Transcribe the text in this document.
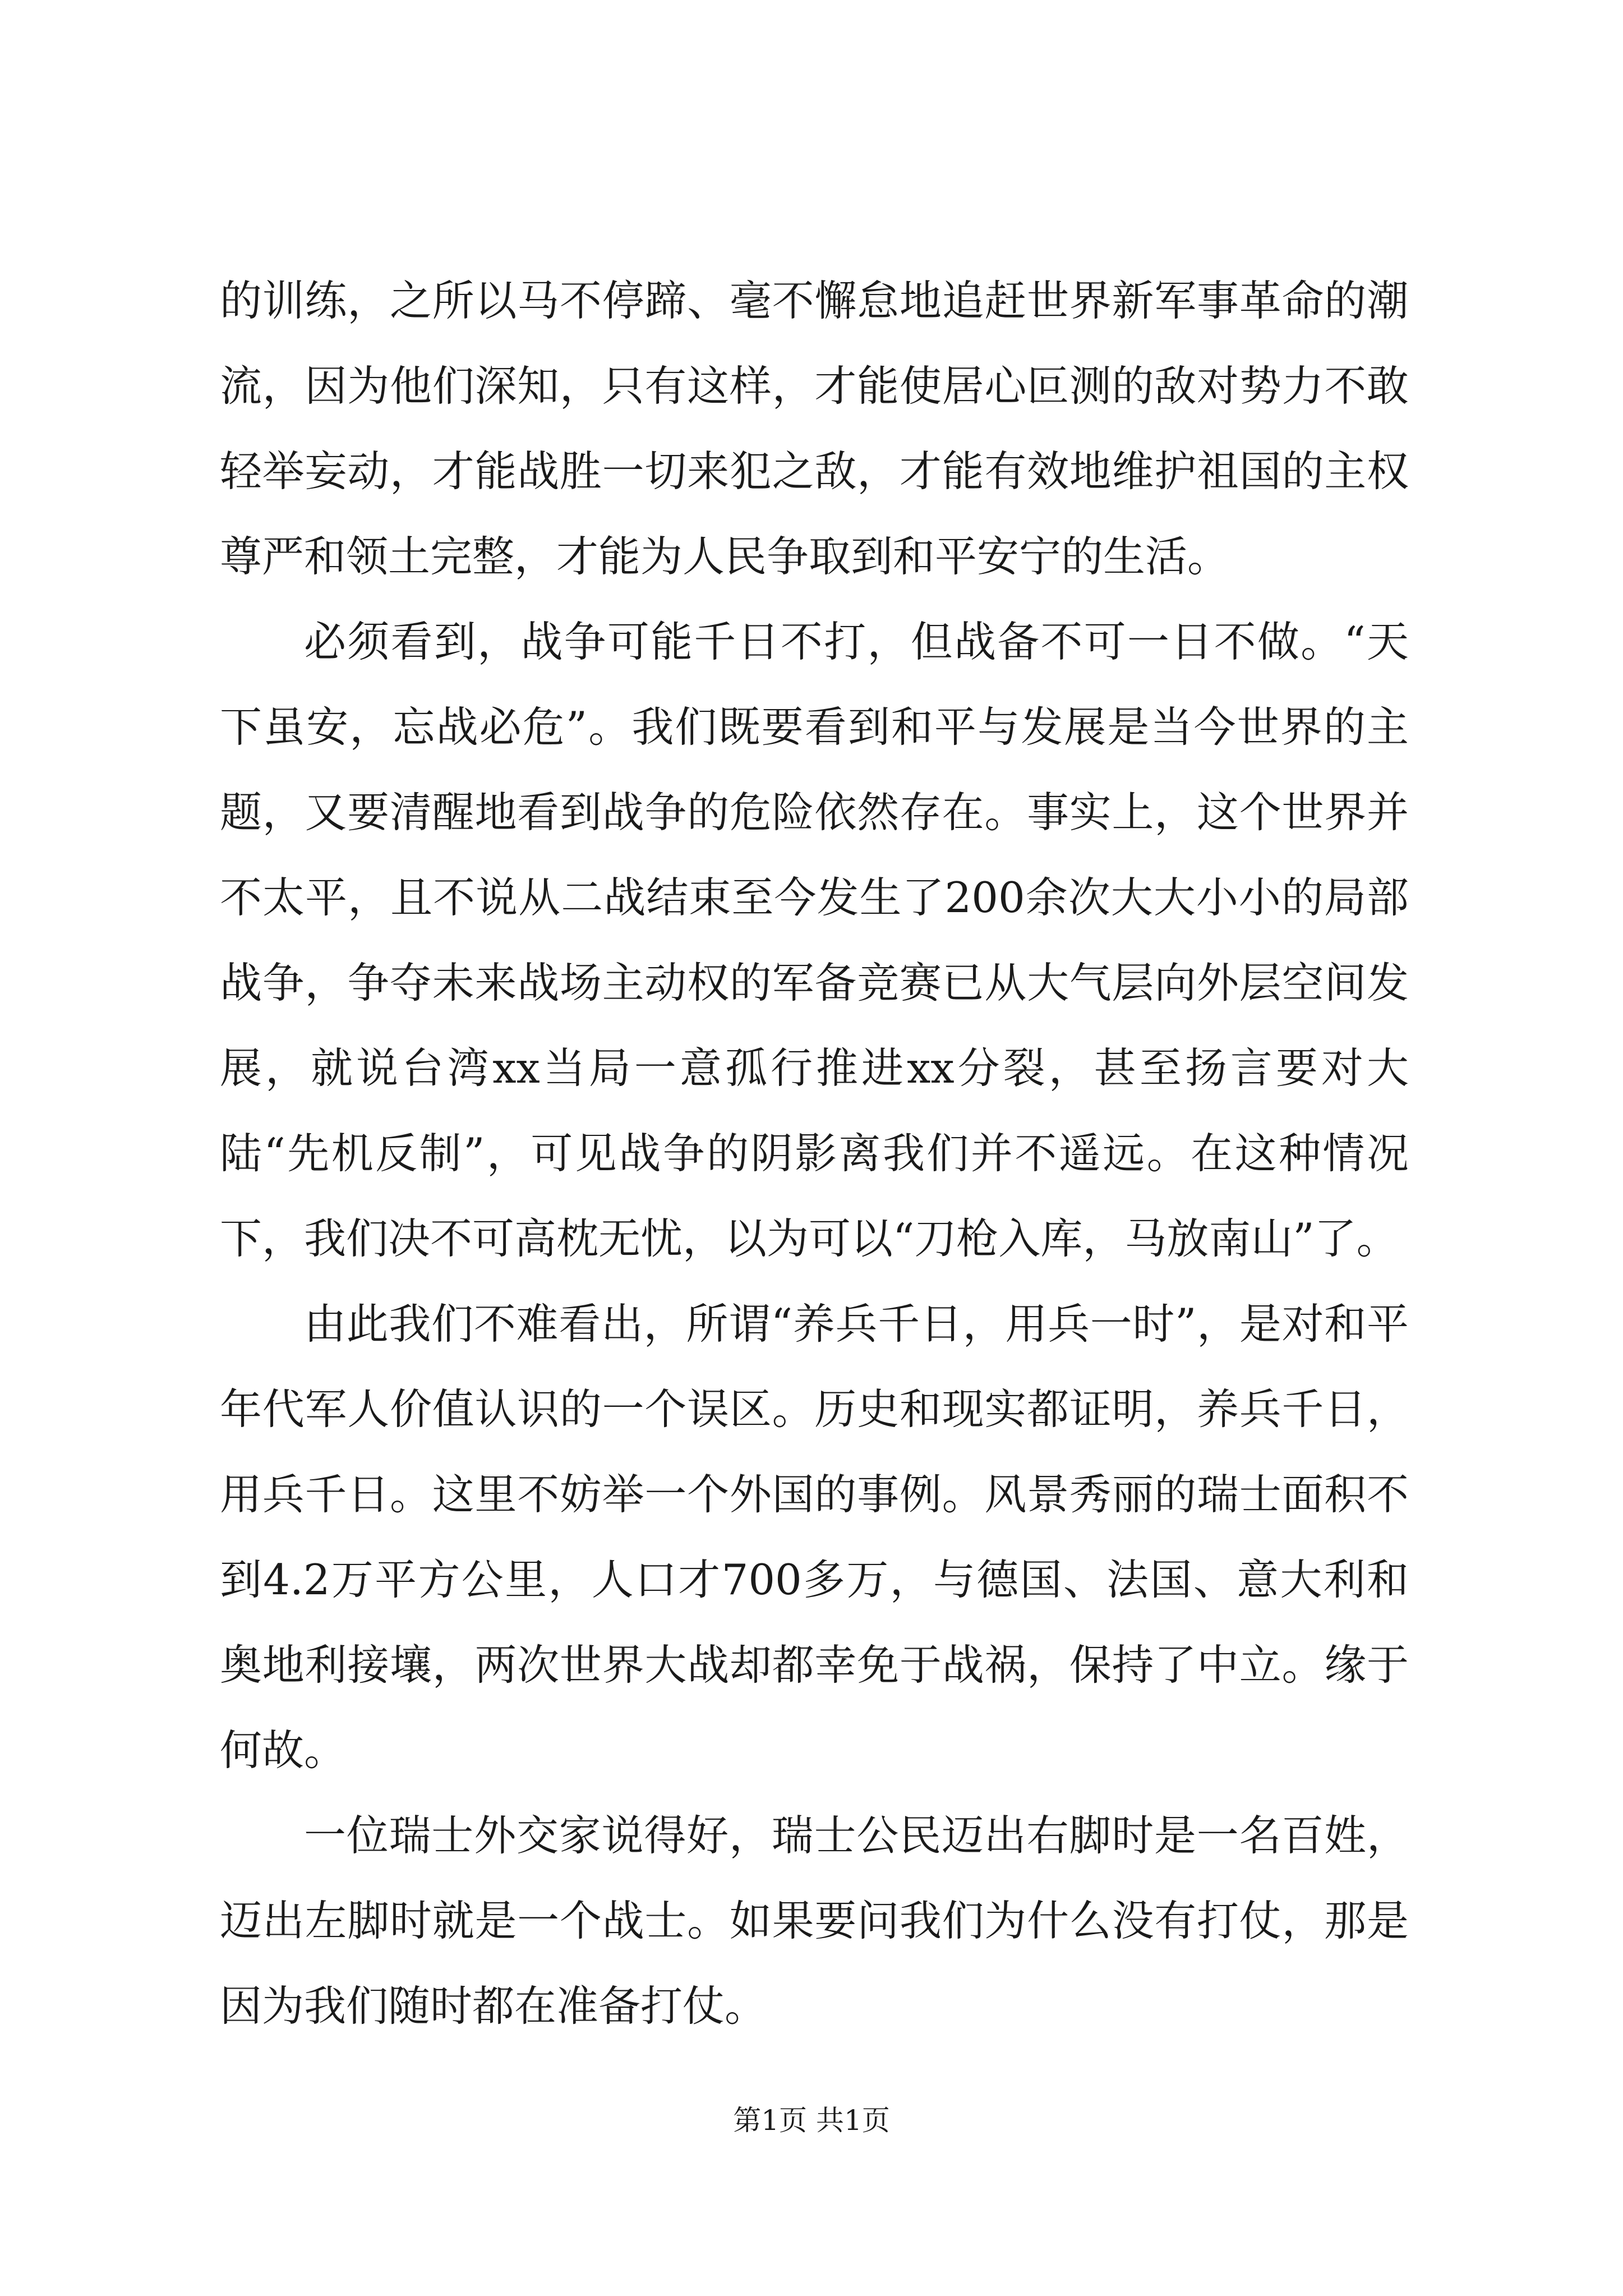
的训练，之所以马不停蹄、毫不懈怠地追赶世界新军事革命的潮流，因为他们深知，只有这样，才能使居心叵测的敌对势力不敢轻举妄动，才能战胜一切来犯之敌，才能有效地维护祖国的主权尊严和领土完整，才能为人民争取到和平安宁的生活。

必须看到，战争可能千日不打，但战备不可一日不做。“天下虽安，忘战必危”。我们既要看到和平与发展是当今世界的主题，又要清醒地看到战争的危险依然存在。事实上，这个世界并不太平，且不说从二战结束至今发生了200余次大大小小的局部战争，争夺未来战场主动权的军备竞赛已从大气层向外层空间发展，就说台湾xx当局一意孤行推进xx分裂，甚至扬言要对大陆“先机反制”，可见战争的阴影离我们并不遥远。在这种情况下，我们决不可高枕无忧，以为可以“刀枪入库，马放南山”了。

由此我们不难看出，所谓“养兵千日，用兵一时”，是对和平年代军人价值认识的一个误区。历史和现实都证明，养兵千日，用兵千日。这里不妨举一个外国的事例。风景秀丽的瑞士面积不到4.2万平方公里，人口才700多万，与德国、法国、意大利和奥地利接壤，两次世界大战却都幸免于战祸，保持了中立。缘于何故。

一位瑞士外交家说得好，瑞士公民迈出右脚时是一名百姓，迈出左脚时就是一个战士。如果要问我们为什么没有打仗，那是因为我们随时都在准备打仗。

第1页 共1页
